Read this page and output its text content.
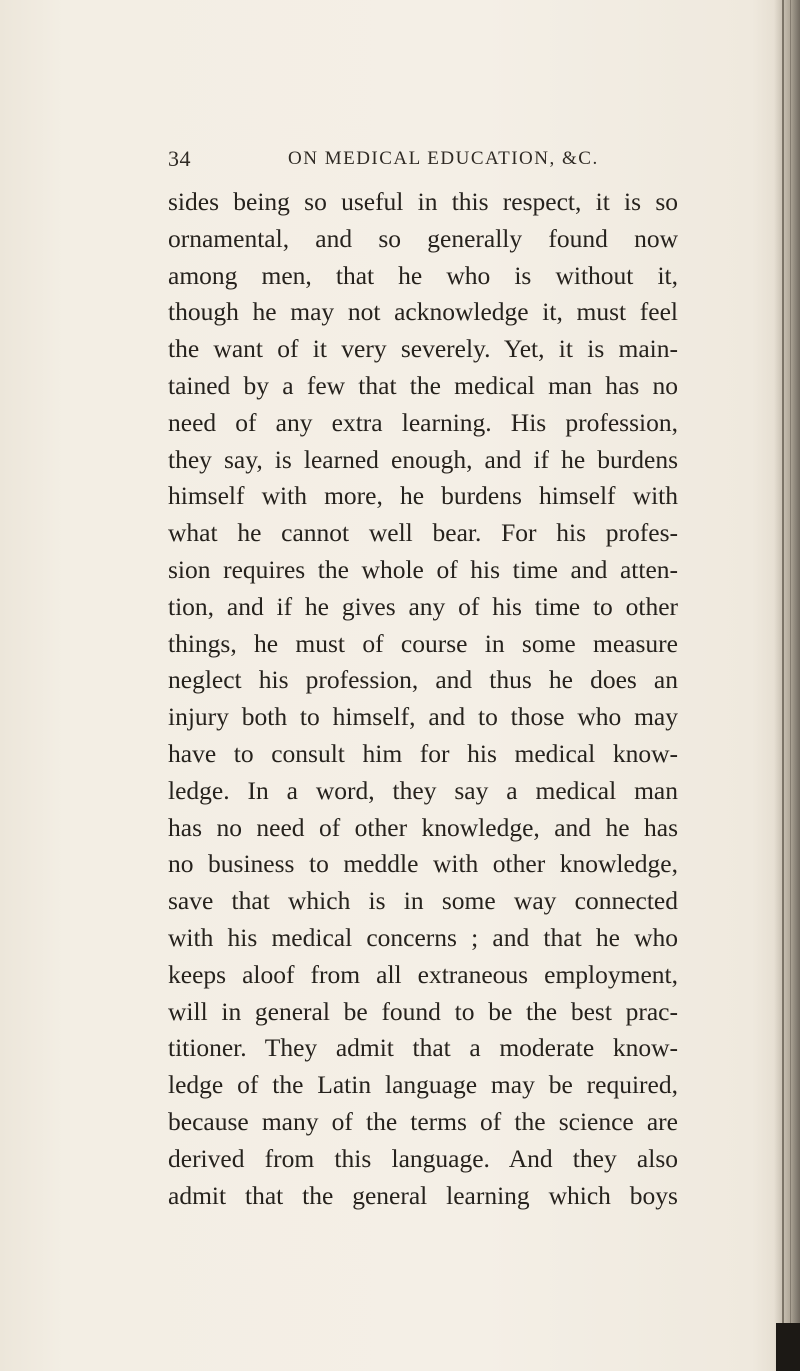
34	ON MEDICAL EDUCATION, &C.
sides being so useful in this respect, it is so
ornamental, and so generally found now
among men, that he who is without it,
though he may not acknowledge it, must feel
the want of it very severely. Yet, it is main-
tained by a few that the medical man has no
need of any extra learning. His profession,
they say, is learned enough, and if he burdens
himself with more, he burdens himself with
what he cannot well bear. For his profes-
sion requires the whole of his time and atten-
tion, and if he gives any of his time to other
things, he must of course in some measure
neglect his profession, and thus he does an
injury both to himself, and to those who may
have to consult him for his medical know-
ledge. In a word, they say a medical man
has no need of other knowledge, and he has
no business to meddle with other knowledge,
save that which is in some way connected
with his medical concerns ; and that he who
keeps aloof from all extraneous employment,
will in general be found to be the best prac-
titioner. They admit that a moderate know-
ledge of the Latin language may be required,
because many of the terms of the science are
derived from this language. And they also
admit that the general learning which boys
